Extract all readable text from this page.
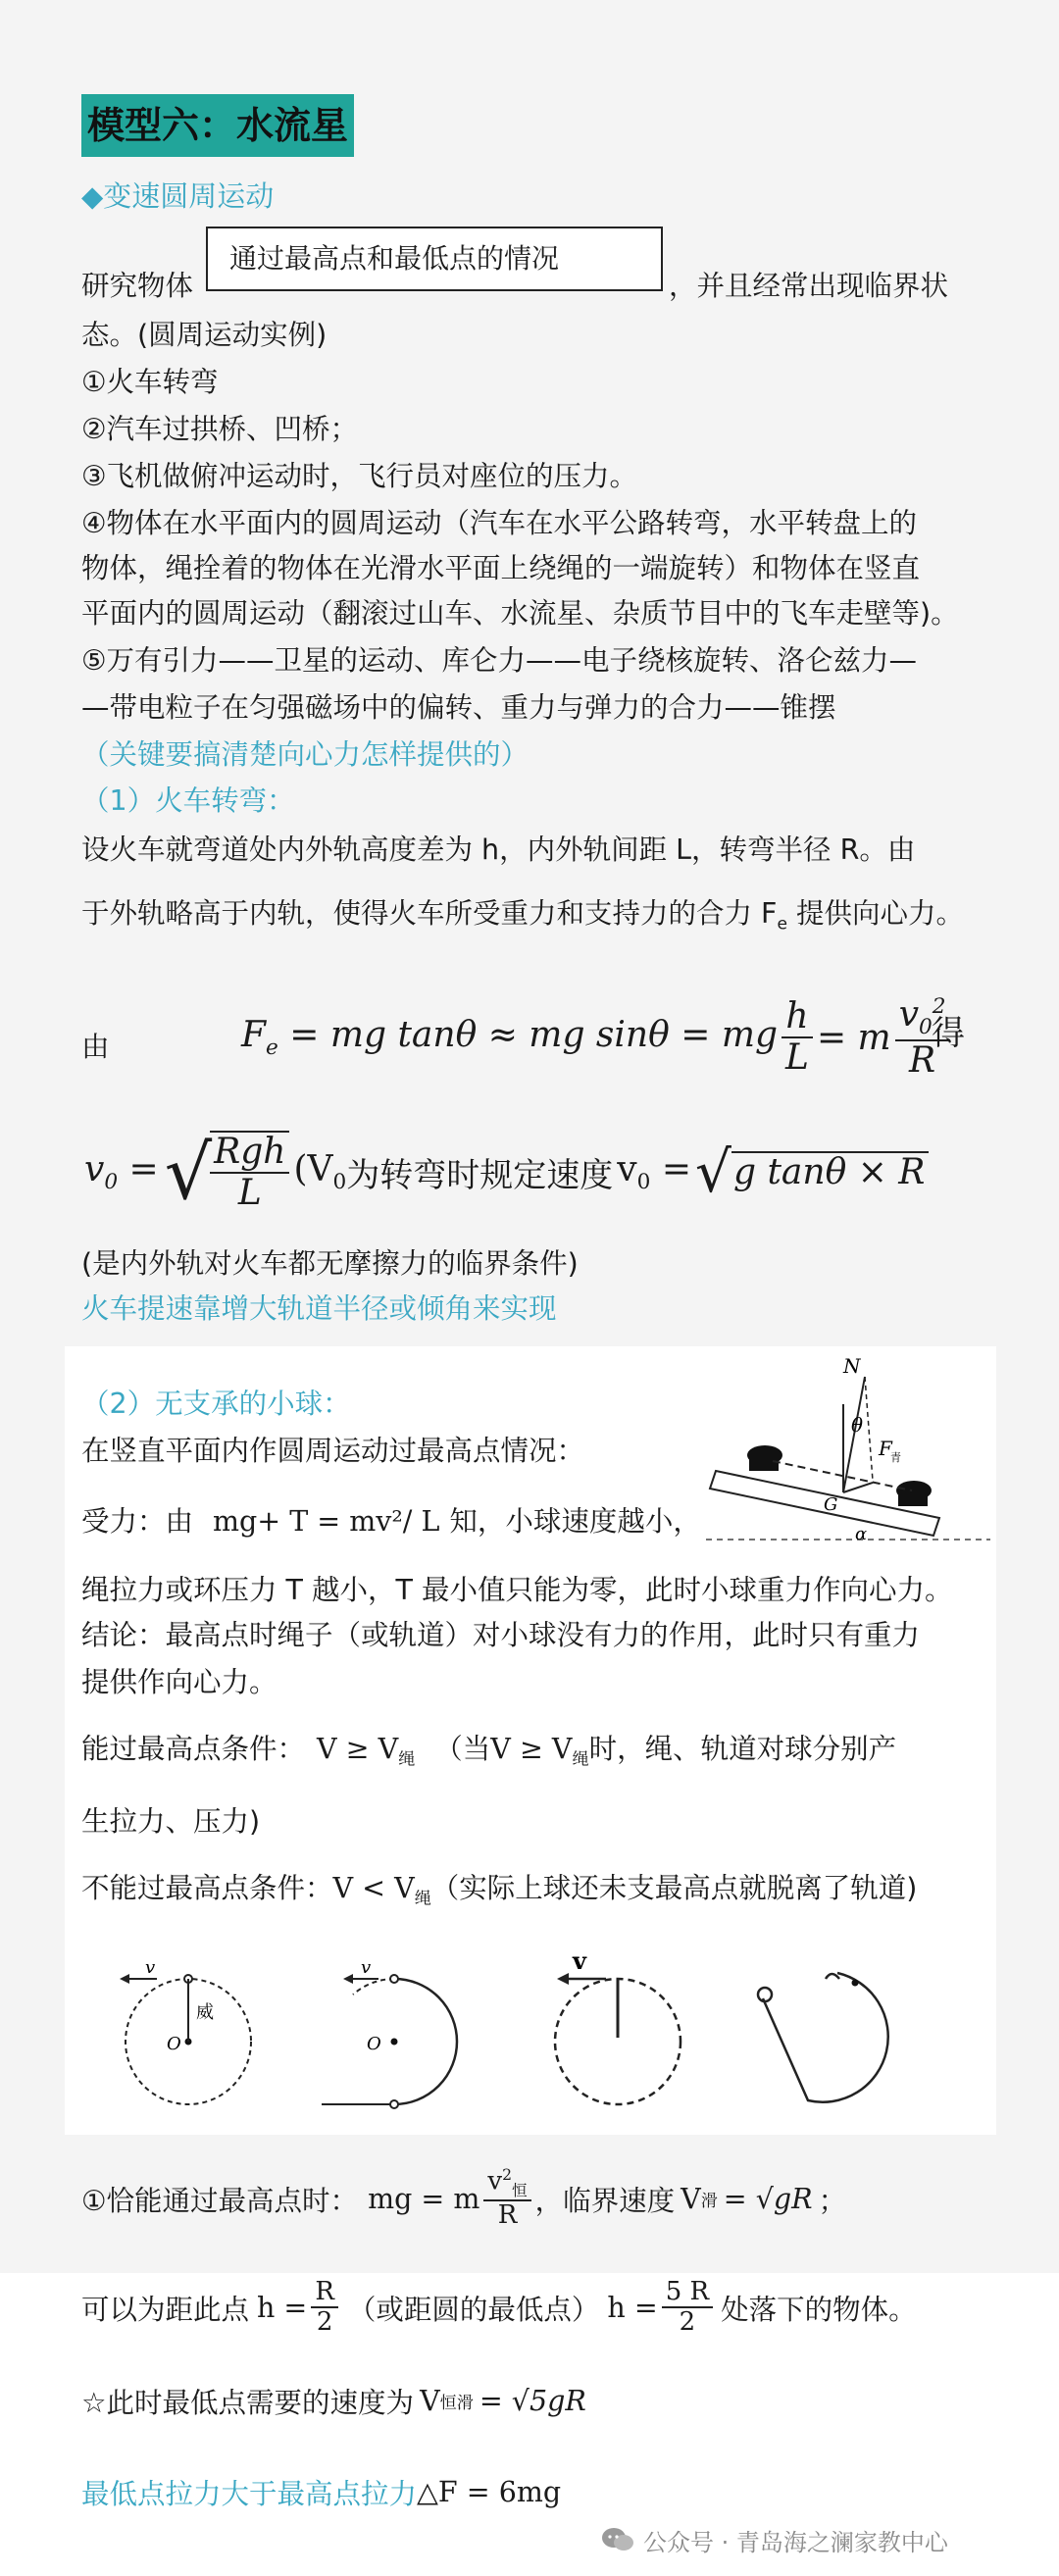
模型六：水流星
◆变速圆周运动
研究物体
通过最高点和最低点的情况
，并且经常出现临界状
态。(圆周运动实例)
①火车转弯
②汽车过拱桥、凹桥；
③飞机做俯冲运动时，飞行员对座位的压力。
④物体在水平面内的圆周运动（汽车在水平公路转弯，水平转盘上的
物体，绳拴着的物体在光滑水平面上绕绳的一端旋转）和物体在竖直
平面内的圆周运动（翻滚过山车、水流星、杂质节目中的飞车走壁等)。
⑤万有引力——卫星的运动、库仑力——电子绕核旋转、洛仑兹力—
—带电粒子在匀强磁场中的偏转、重力与弹力的合力——锥摆
（关键要搞清楚向心力怎样提供的）
（1）火车转弯：
设火车就弯道处内外轨高度差为 h，内外轨间距 L，转弯半径 R。由
于外轨略高于内轨，使得火车所受重力和支持力的合力 $F_e$ 提供向心力。
由	$F_e$ = mg tanθ ≈ mg sinθ = mg $\frac{h}{L} = m \frac{v_0^2}{R}$
得
$v_0$ = √
$\frac{\text{Rgh}}{L} (V_0$ 为转弯时规定速度 $v_0$ = √ g tanθ × R
(是内外轨对火车都无摩擦力的临界条件)
火车提速靠增大轨道半径或倾角来实现
（2）无支承的小球：
在竖直平面内作圆周运动过最高点情况：
受力：由 mg+ T = mv²/ L 知，小球速度越小，
绳拉力或环压力 T 越小，T 最小值只能为零，此时小球重力作向心力。
结论：最高点时绳子（或轨道）对小球没有力的作用，此时只有重力
提供作向心力。
能过最高点条件： $V \ge V_绳$ （当$V \ge V_绳$时，绳、轨道对球分别产
生拉力、压力)
不能过最高点条件：$V < V_绳$（实际上球还未支最高点就脱离了轨道)
N
θ
F
青
G
α
v
威
O
v
O
v
①恰能通过最高点时： mg = m $\frac{v^2_恒}{R}$ ，临界速度 V 滑 = √gR ；
可以为距此点 $h = \frac{R}{2}$ （或距圆的最低点） $h = \frac{5 R}{2}$ 处落下的物体。
☆此时最低点需要的速度为 V 恒滑 = √5gR
最低点拉力大于最高点拉力 △F = 6mg
公众号 · 青岛海之澜家教中心
